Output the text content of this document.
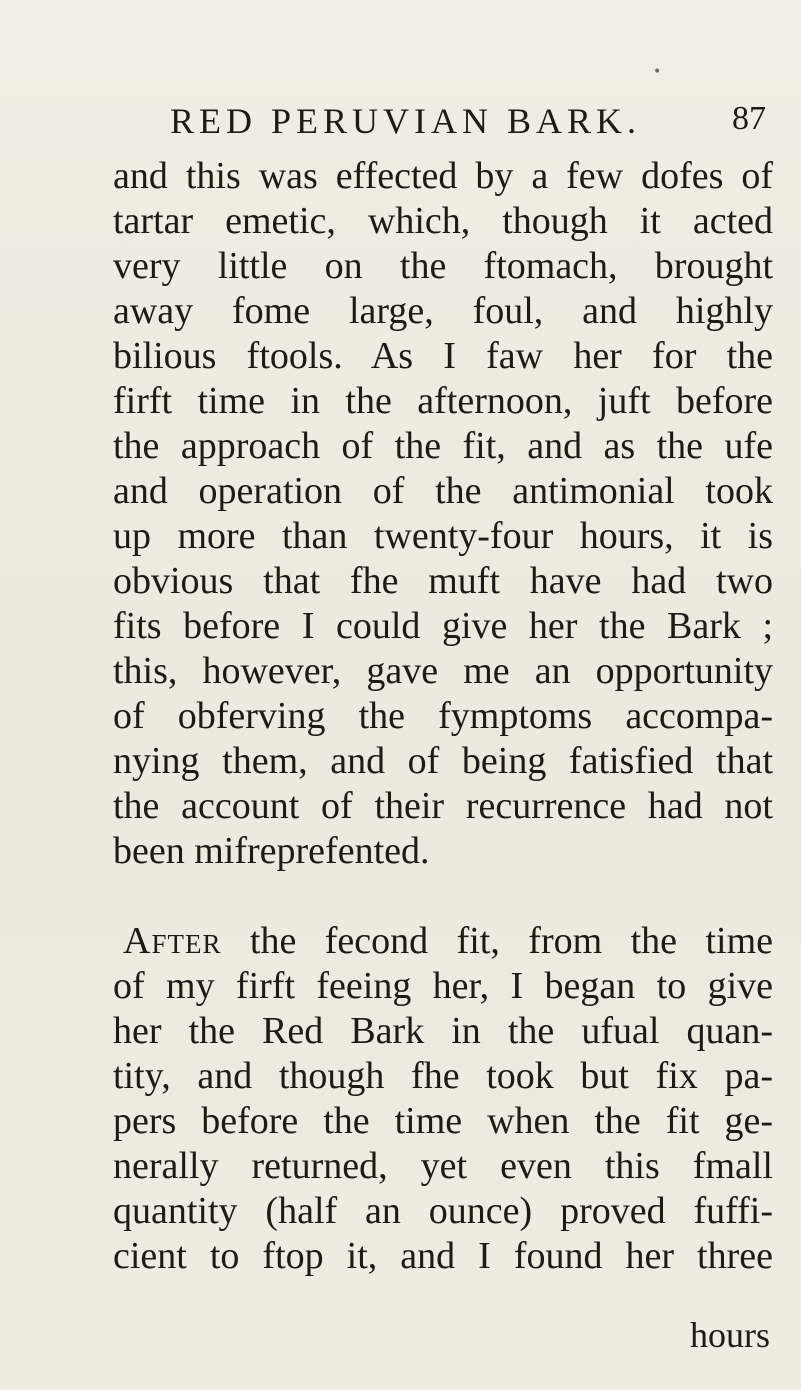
RED PERUVIAN BARK.	87
•
and this was effected by a few dofes of
tartar emetic, which, though it acted
very little on the ftomach, brought
away fome large, foul, and highly
bilious ftools. As I faw her for the
firft time in the afternoon, juft before
the approach of the fit, and as the ufe
and operation of the antimonial took
up more than twenty-four hours, it is
obvious that fhe muft have had two
fits before I could give her the Bark ;
this, however, gave me an opportunity
of obferving the fymptoms accompa-
nying them, and of being fatisfied that
the account of their recurrence had not
been mifreprefented.
After the fecond fit, from the time
of my firft feeing her, I began to give
her the Red Bark in the ufual quan-
tity, and though fhe took but fix pa-
pers before the time when the fit ge-
nerally returned, yet even this fmall
quantity (half an ounce) proved fuffi-
cient to ftop it, and I found her three
hours
